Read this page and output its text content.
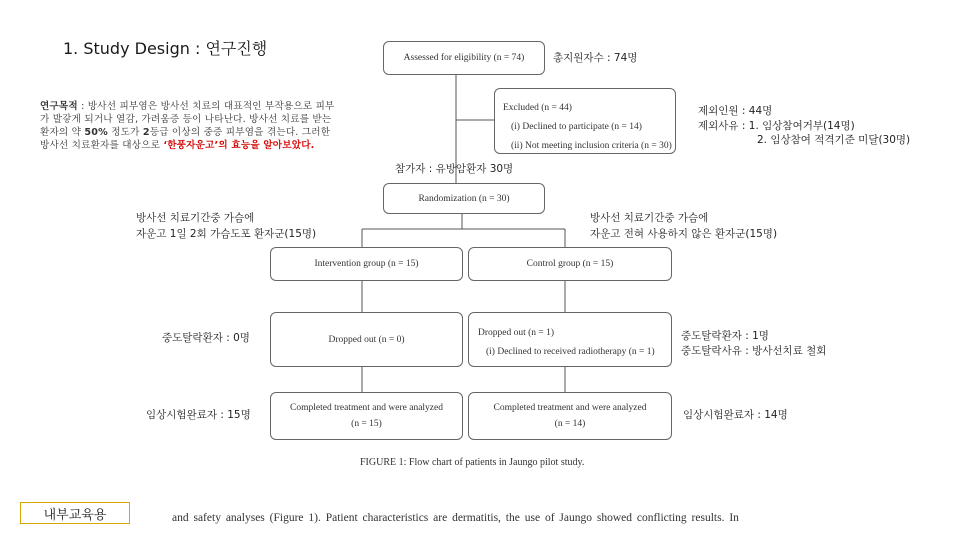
1. Study Design : 연구진행
연구목적 : 방사선 피부염은 방사선 치료의 대표적인 부작용으로 피부가 발갛게 되거나 열감, 가려움증 등이 나타난다. 방사선 치료를 받는 환자의 약 50% 정도가 2등급 이상의 중증 피부염을 겪는다. 그러한 방사선 치료환자를 대상으로 ‘한풍자운고’의 효능을 알아보았다.
Assessed for eligibility (n = 74)
Excluded (n = 44)
(i) Declined to participate (n = 14)
(ii) Not meeting inclusion criteria (n = 30)
Randomization (n = 30)
Intervention group (n = 15)	Control group (n = 15)
Dropped out (n = 0)
Dropped out (n = 1)
(i) Declined to received radiotherapy (n = 1)
Completed treatment and were analyzed
(n = 15)
Completed treatment and were analyzed
(n = 14)
총지원자수 : 74명
제외인원 : 44명
제외사유 : 1. 임상참여거부(14명)
2. 임상참여 적격기준 미달(30명)
참가자 : 유방암환자 30명
방사선 치료기간중 가슴에
자운고 1일 2회 가슴도포 환자군(15명)
방사선 치료기간중 가슴에
자운고 전혀 사용하지 않은 환자군(15명)
중도탈락환자 : 0명	중도탈락환자 : 1명
중도탈락사유 : 방사선치료 철회
임상시험완료자 : 15명	임상시험완료자 : 14명
FIGURE 1: Flow chart of patients in Jaungo pilot study.
and safety analyses (Figure 1). Patient characteristics are dermatitis, the use of Jaungo showed conflicting results. In
내부교육용
